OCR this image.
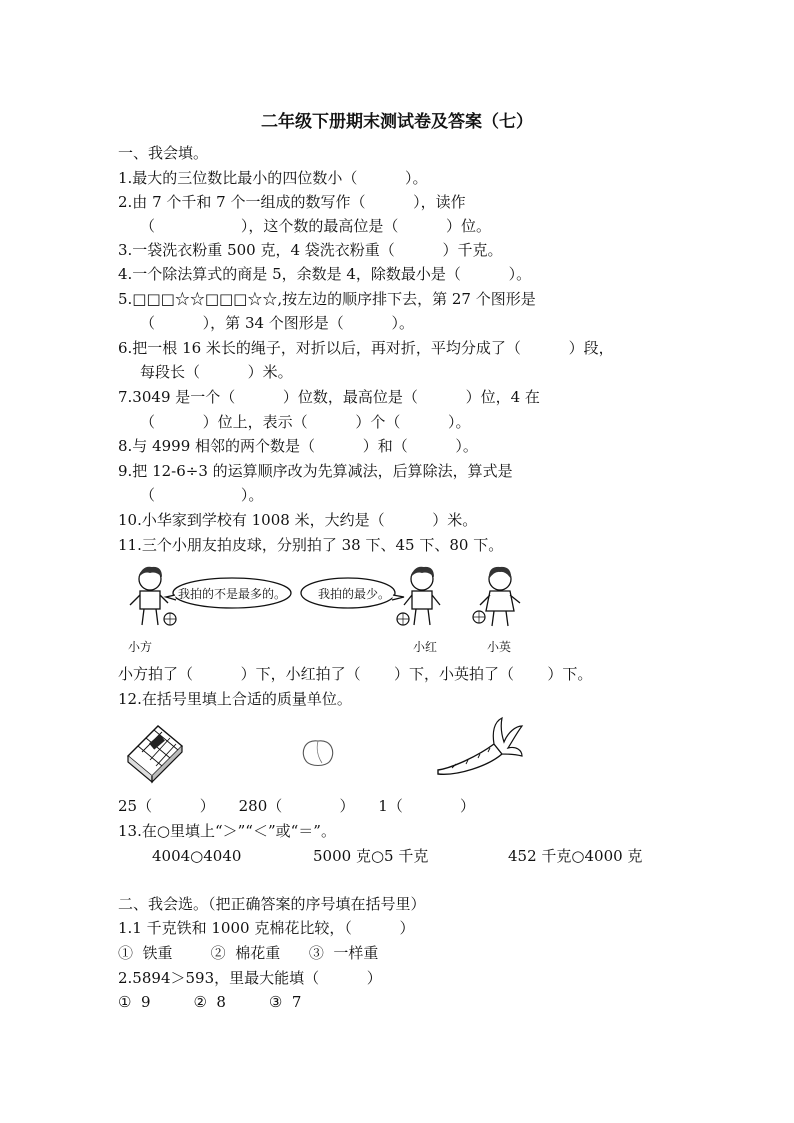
二年级下册期末测试卷及答案（七）
一、我会填。
1.最大的三位数比最小的四位数小（          ）。
2.由 7 个千和 7 个一组成的数写作（          ），读作
（                  ），这个数的最高位是（          ）位。
3.一袋洗衣粉重 500 克，4 袋洗衣粉重（          ）千克。
4.一个除法算式的商是 5，余数是 4，除数最小是（          ）。
5.□□□☆☆□□□☆☆,按左边的顺序排下去，第 27 个图形是
（          ），第 34 个图形是（          ）。
6.把一根 16 米长的绳子，对折以后，再对折，平均分成了（          ）段，
每段长（          ）米。
7.3049 是一个（          ）位数，最高位是（          ）位，4 在
（          ）位上，表示（          ）个（          ）。
8.与 4999 相邻的两个数是（          ）和（          ）。
9.把 12-6÷3 的运算顺序改为先算减法，后算除法，算式是
（                  ）。
10.小华家到学校有 1008 米，大约是（          ）米。
11.三个小朋友拍皮球，分别拍了 38 下、45 下、80 下。
小方
我拍的不是最多的。	我拍的最少。
小红	小英
小方拍了（          ）下，小红拍了（       ）下，小英拍了（       ）下。
12.在括号里填上合适的质量单位。
25（          ）     280（            ）     1（            ）
13.在○里填上“＞”“＜”或“＝”。
4004○4040	5000 克○5 千克	452 千克○4000 克
二、我会选。（把正确答案的序号填在括号里）
1.1 千克铁和 1000 克棉花比较，（          ）
①  铁重        ②  棉花重      ③  一样重
2.5894＞593，里最大能填（          ）
①  9         ②  8         ③  7
